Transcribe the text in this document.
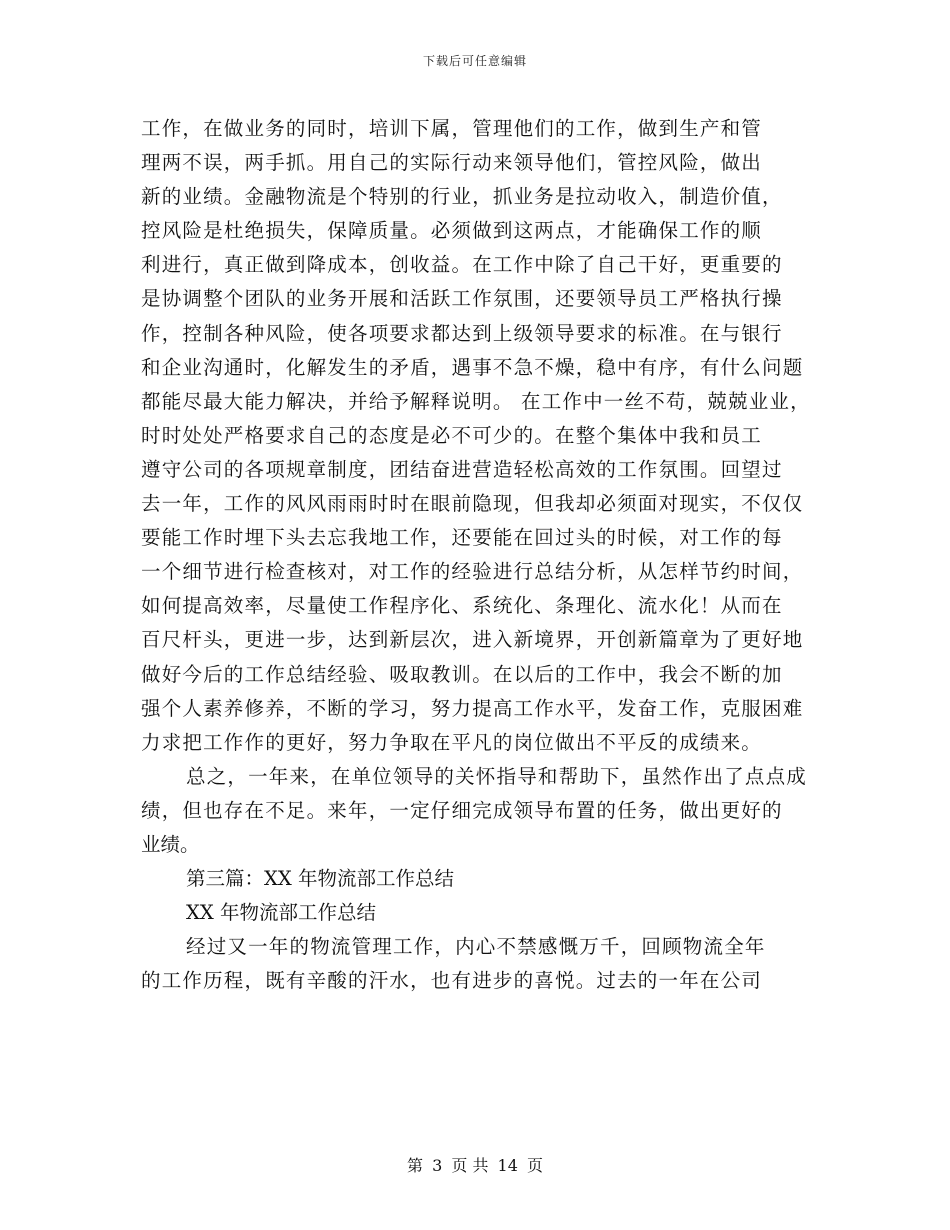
下载后可任意编辑
工作，在做业务的同时，培训下属，管理他们的工作，做到生产和管
理两不误，两手抓。用自己的实际行动来领导他们，管控风险，做出
新的业绩。金融物流是个特别的行业，抓业务是拉动收入，制造价值，
控风险是杜绝损失，保障质量。必须做到这两点，才能确保工作的顺
利进行，真正做到降成本，创收益。在工作中除了自己干好，更重要的
是协调整个团队的业务开展和活跃工作氛围，还要领导员工严格执行操
作，控制各种风险，使各项要求都达到上级领导要求的标准。在与银行
和企业沟通时，化解发生的矛盾，遇事不急不燥，稳中有序，有什么问题
都能尽最大能力解决，并给予解释说明。 在工作中一丝不苟，兢兢业业，
时时处处严格要求自己的态度是必不可少的。在整个集体中我和员工
遵守公司的各项规章制度，团结奋进营造轻松高效的工作氛围。回望过
去一年，工作的风风雨雨时时在眼前隐现，但我却必须面对现实，不仅仅
要能工作时埋下头去忘我地工作，还要能在回过头的时候，对工作的每
一个细节进行检查核对，对工作的经验进行总结分析，从怎样节约时间，
如何提高效率，尽量使工作程序化、系统化、条理化、流水化！从而在
百尺杆头，更进一步，达到新层次，进入新境界，开创新篇章为了更好地
做好今后的工作总结经验、吸取教训。在以后的工作中，我会不断的加
强个人素养修养，不断的学习，努力提高工作水平，发奋工作，克服困难
力求把工作作的更好，努力争取在平凡的岗位做出不平反的成绩来。
总之，一年来，在单位领导的关怀指导和帮助下，虽然作出了点点成
绩，但也存在不足。来年，一定仔细完成领导布置的任务，做出更好的
业绩。
第三篇：XX 年物流部工作总结
XX 年物流部工作总结
经过又一年的物流管理工作，内心不禁感慨万千，回顾物流全年
的工作历程，既有辛酸的汗水，也有进步的喜悦。过去的一年在公司
第 3 页 共 14 页
